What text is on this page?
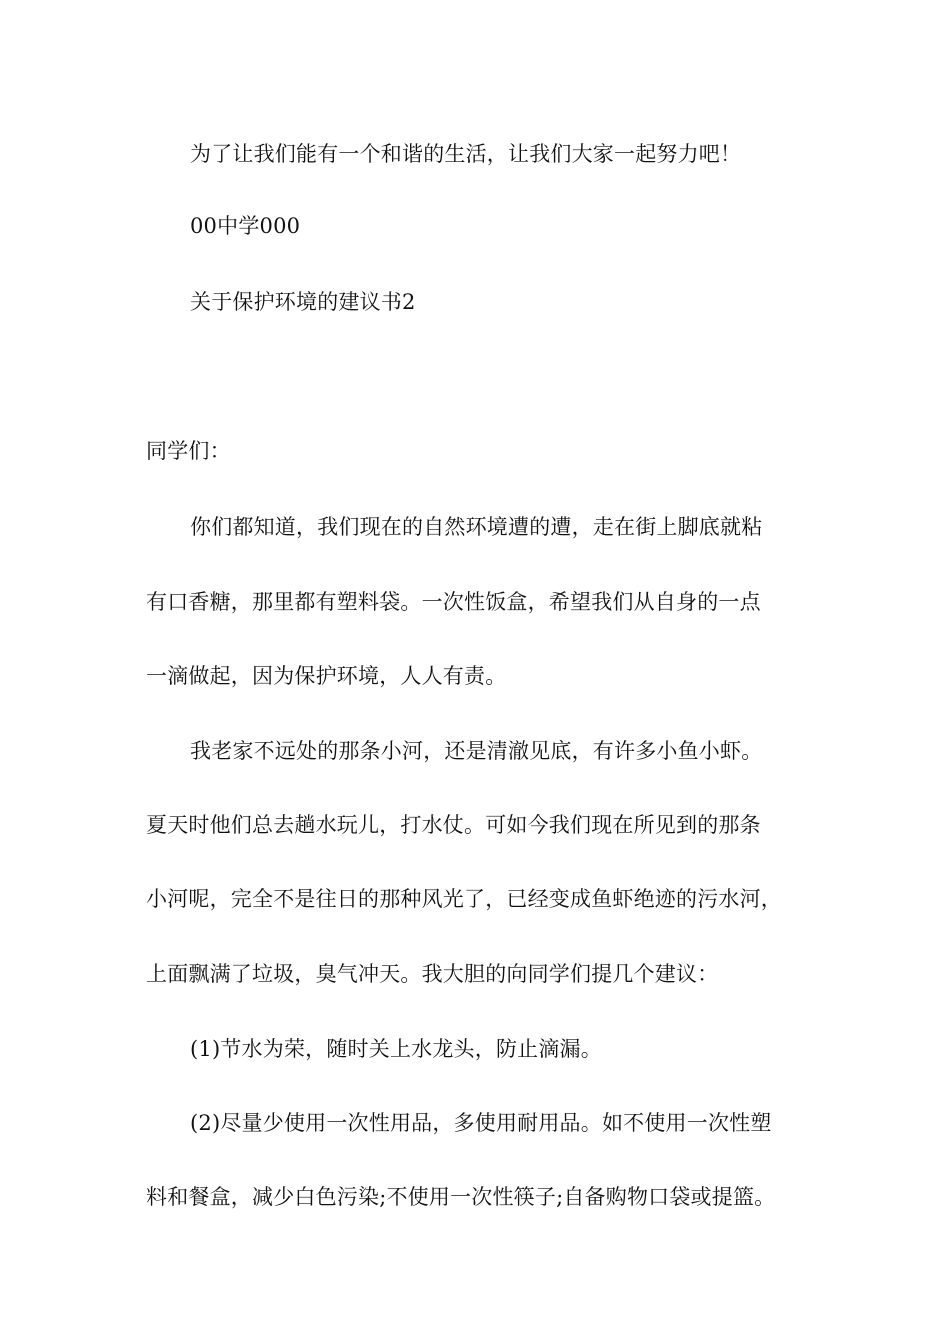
为了让我们能有一个和谐的生活，让我们大家一起努力吧！
00中学000
关于保护环境的建议书2
同学们：
你们都知道，我们现在的自然环境遭的遭，走在街上脚底就粘
有口香糖，那里都有塑料袋。一次性饭盒，希望我们从自身的一点
一滴做起，因为保护环境，人人有责。
我老家不远处的那条小河，还是清澈见底，有许多小鱼小虾。
夏天时他们总去趟水玩儿，打水仗。可如今我们现在所见到的那条
小河呢，完全不是往日的那种风光了，已经变成鱼虾绝迹的污水河，
上面飘满了垃圾，臭气冲天。我大胆的向同学们提几个建议：
(1)节水为荣，随时关上水龙头，防止滴漏。
(2)尽量少使用一次性用品，多使用耐用品。如不使用一次性塑
料和餐盒，减少白色污染;不使用一次性筷子;自备购物口袋或提篮。
